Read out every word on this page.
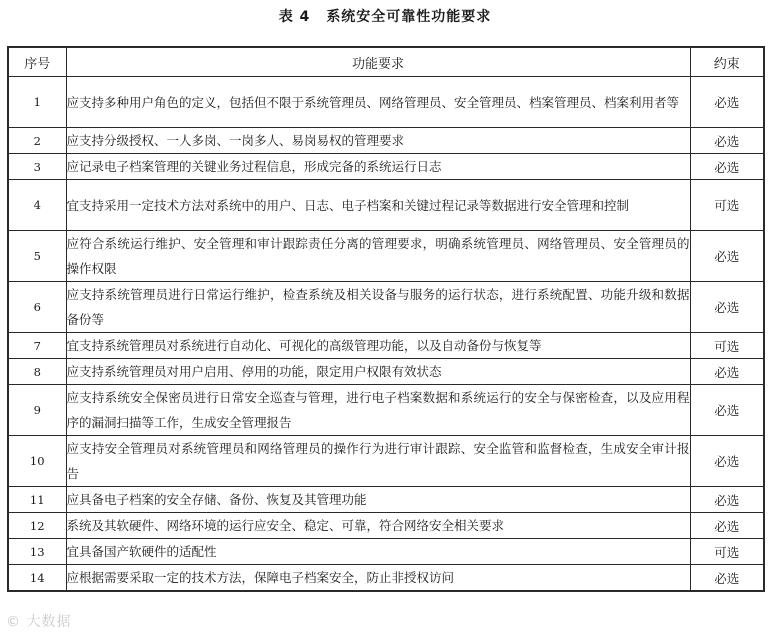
表 4 系统安全可靠性功能要求
序号	功能要求	约束
1	应支持多种用户角色的定义，包括但不限于系统管理员、网络管理员、安全管理员、档案管理员、档案利用者等	必选
2	应支持分级授权、一人多岗、一岗多人、易岗易权的管理要求	必选
3	应记录电子档案管理的关键业务过程信息，形成完备的系统运行日志	必选
4	宜支持采用一定技术方法对系统中的用户、日志、电子档案和关键过程记录等数据进行安全管理和控制	可选
5	应符合系统运行维护、安全管理和审计跟踪责任分离的管理要求，明确系统管理员、网络管理员、安全管理员的操作权限	必选
6	应支持系统管理员进行日常运行维护，检查系统及相关设备与服务的运行状态，进行系统配置、功能升级和数据备份等	必选
7	宜支持系统管理员对系统进行自动化、可视化的高级管理功能，以及自动备份与恢复等	可选
8	应支持系统管理员对用户启用、停用的功能，限定用户权限有效状态	必选
9	应支持系统安全保密员进行日常安全巡查与管理，进行电子档案数据和系统运行的安全与保密检查，以及应用程序的漏洞扫描等工作，生成安全管理报告	必选
10	应支持安全管理员对系统管理员和网络管理员的操作行为进行审计跟踪、安全监管和监督检查，生成安全审计报告	必选
11	应具备电子档案的安全存储、备份、恢复及其管理功能	必选
12	系统及其软硬件、网络环境的运行应安全、稳定、可靠，符合网络安全相关要求	必选
13	宜具备国产软硬件的适配性	可选
14	应根据需要采取一定的技术方法，保障电子档案安全，防止非授权访问	必选
© 大数据
